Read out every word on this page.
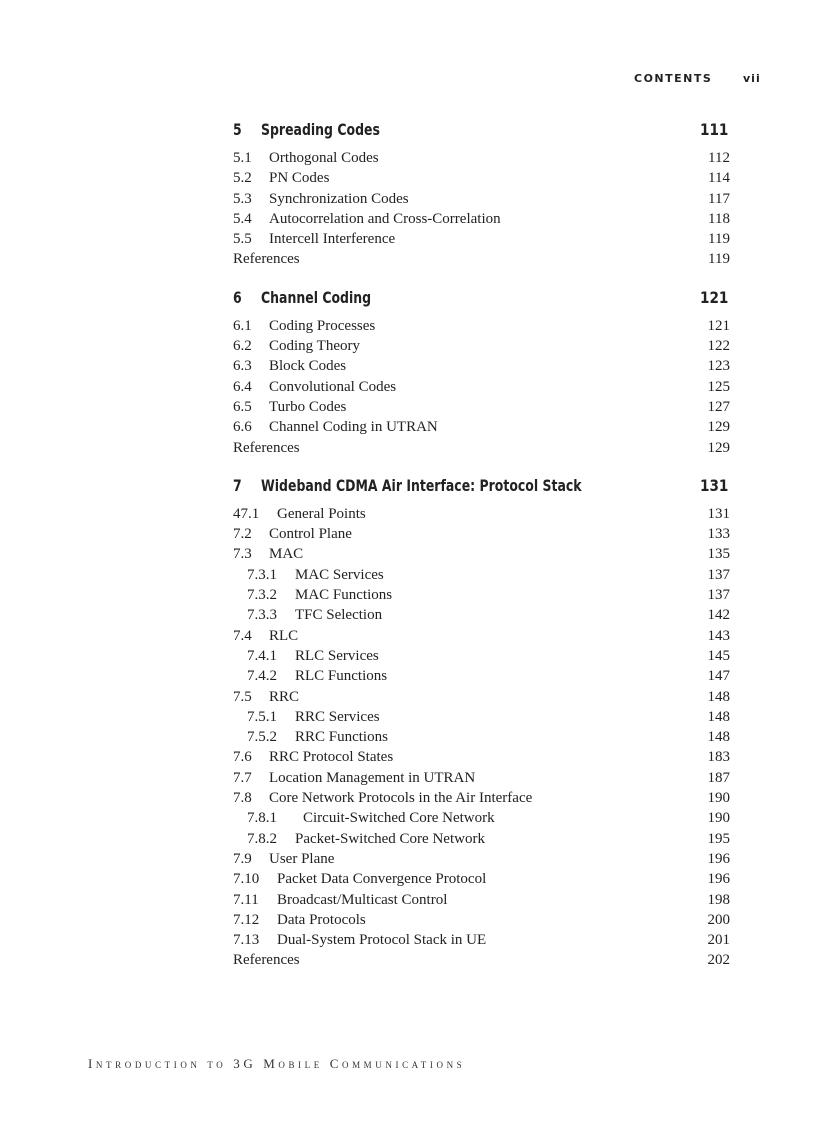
CONTENTS	vii
5 Spreading Codes	111
5.1 Orthogonal Codes	112
5.2 PN Codes	114
5.3 Synchronization Codes	117
5.4 Autocorrelation and Cross-Correlation	118
5.5 Intercell Interference	119
References	119
6 Channel Coding	121
6.1 Coding Processes	121
6.2 Coding Theory	122
6.3 Block Codes	123
6.4 Convolutional Codes	125
6.5 Turbo Codes	127
6.6 Channel Coding in UTRAN	129
References	129
7 Wideband CDMA Air Interface: Protocol Stack	131
47.1 General Points	131
7.2 Control Plane	133
7.3 MAC	135
7.3.1 MAC Services	137
7.3.2 MAC Functions	137
7.3.3 TFC Selection	142
7.4 RLC	143
7.4.1 RLC Services	145
7.4.2 RLC Functions	147
7.5 RRC	148
7.5.1 RRC Services	148
7.5.2 RRC Functions	148
7.6 RRC Protocol States	183
7.7 Location Management in UTRAN	187
7.8 Core Network Protocols in the Air Interface	190
7.8.1 Circuit-Switched Core Network	190
7.8.2 Packet-Switched Core Network	195
7.9 User Plane	196
7.10 Packet Data Convergence Protocol	196
7.11 Broadcast/Multicast Control	198
7.12 Data Protocols	200
7.13 Dual-System Protocol Stack in UE	201
References	202
Introduction to 3G Mobile Communications
